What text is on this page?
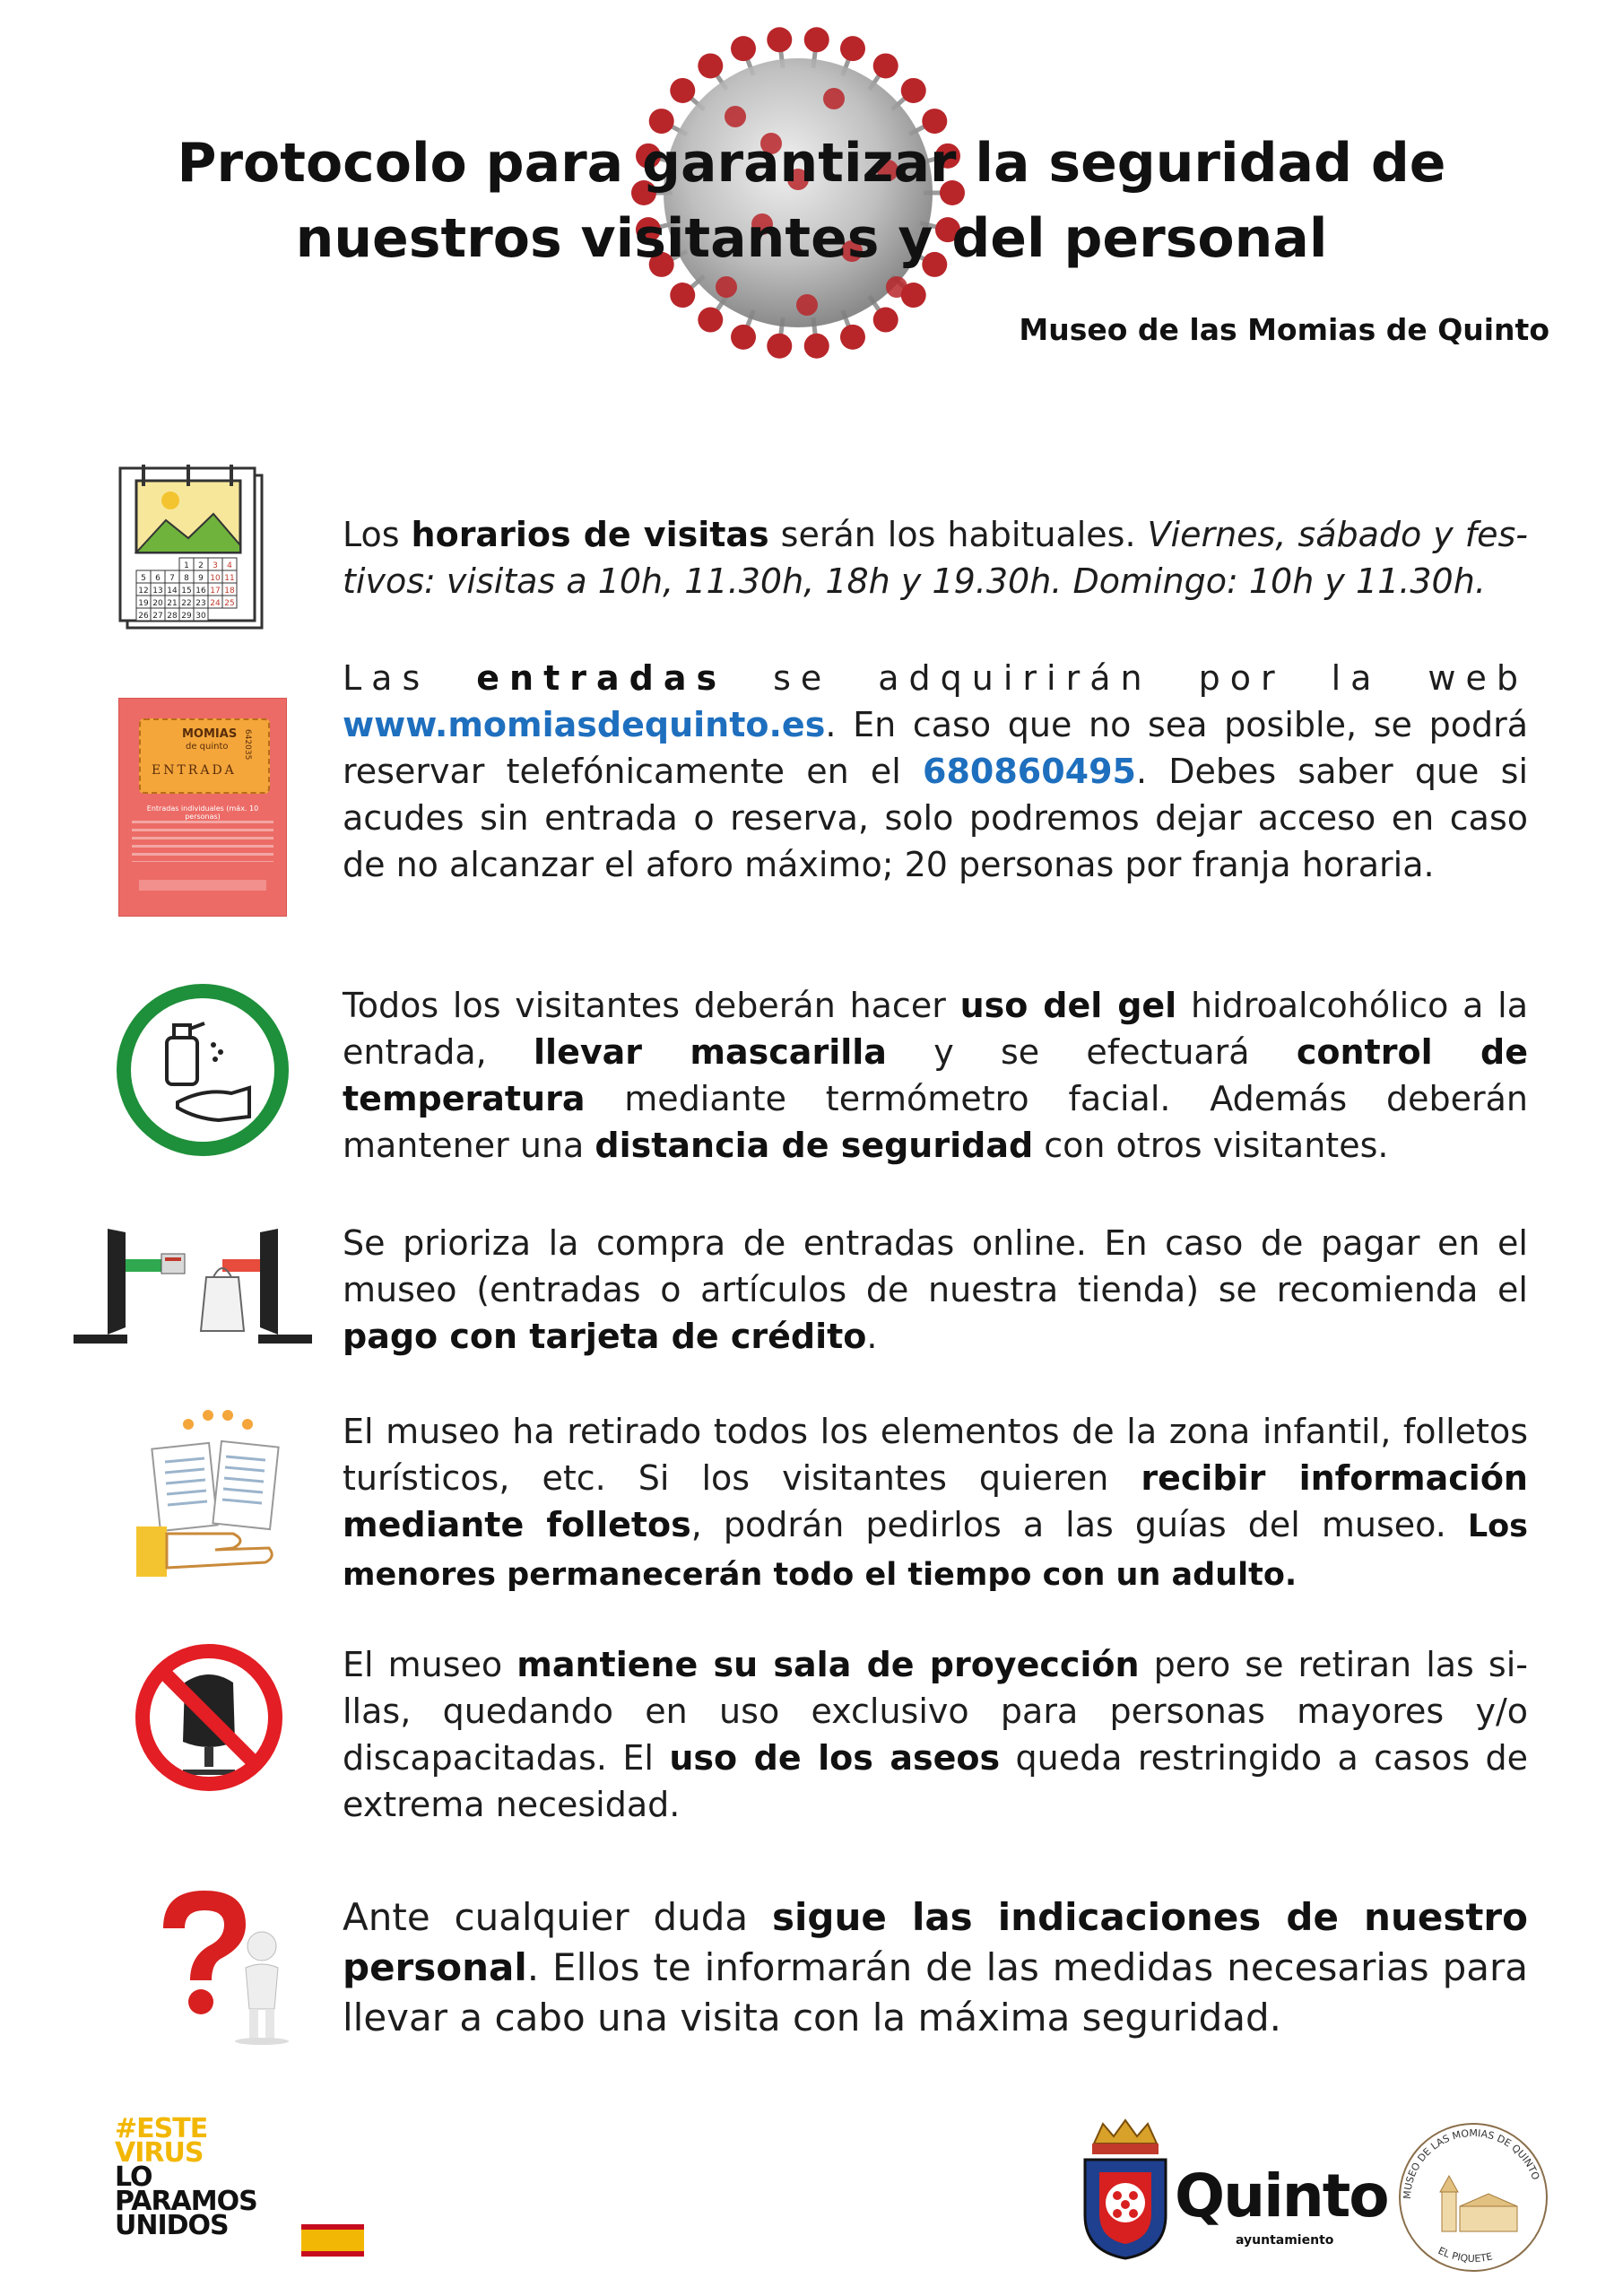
Protocolo para garantizar la seguridad de
nuestros visitantes y del personal
Museo de las Momias de Quinto
1 2 3 4
5 6 7 8 9 10 11
12 13 14 15 16 17 18
19 20 21 22 23 24 25
26 27 28 29 30

Los horarios de visitas serán los habituales. Viernes, sábado y festivos: visitas a 10h, 11.30h, 18h y 19.30h. Domingo: 10h y 11.30h.

MOMIAS
de quinto
ENTRADA
642035
Entradas individuales (máx. 10 personas)

Las entradas se adquirirán por la web
www.momiasdequinto.es. En caso que no sea posible, se podrá reservar telefónicamente en el 680860495. Debes saber que si acudes sin entrada o reserva, solo podremos dejar acceso en caso de no alcanzar el aforo máximo; 20 personas por franja horaria.

Todos los visitantes deberán hacer uso del gel hidroalcohólico a la entrada, llevar mascarilla y se efectuará control de temperatura mediante termómetro facial. Además deberán mantener una distancia de seguridad con otros visitantes.

Se prioriza la compra de entradas online. En caso de pagar en el museo (entradas o artículos de nuestra tienda) se recomienda el pago con tarjeta de crédito.

El museo ha retirado todos los elementos de la zona infantil, folletos turísticos, etc. Si los visitantes quieren recibir información mediante folletos, podrán pedirlos a las guías del museo. Los menores permanecerán todo el tiempo con un adulto.

El museo mantiene su sala de proyección pero se retiran las sillas, quedando en uso exclusivo para personas mayores y/o discapacitadas. El uso de los aseos queda restringido a casos de extrema necesidad.

Ante cualquier duda sigue las indicaciones de nuestro personal. Ellos te informarán de las medidas necesarias para llevar a cabo una visita con la máxima seguridad.

#ESTE
VIRUS
LO
PARAMOS
UNIDOS	Quinto
ayuntamiento
MUSEO DE LAS MOMIAS DE QUINTO
EL PIQUETE
